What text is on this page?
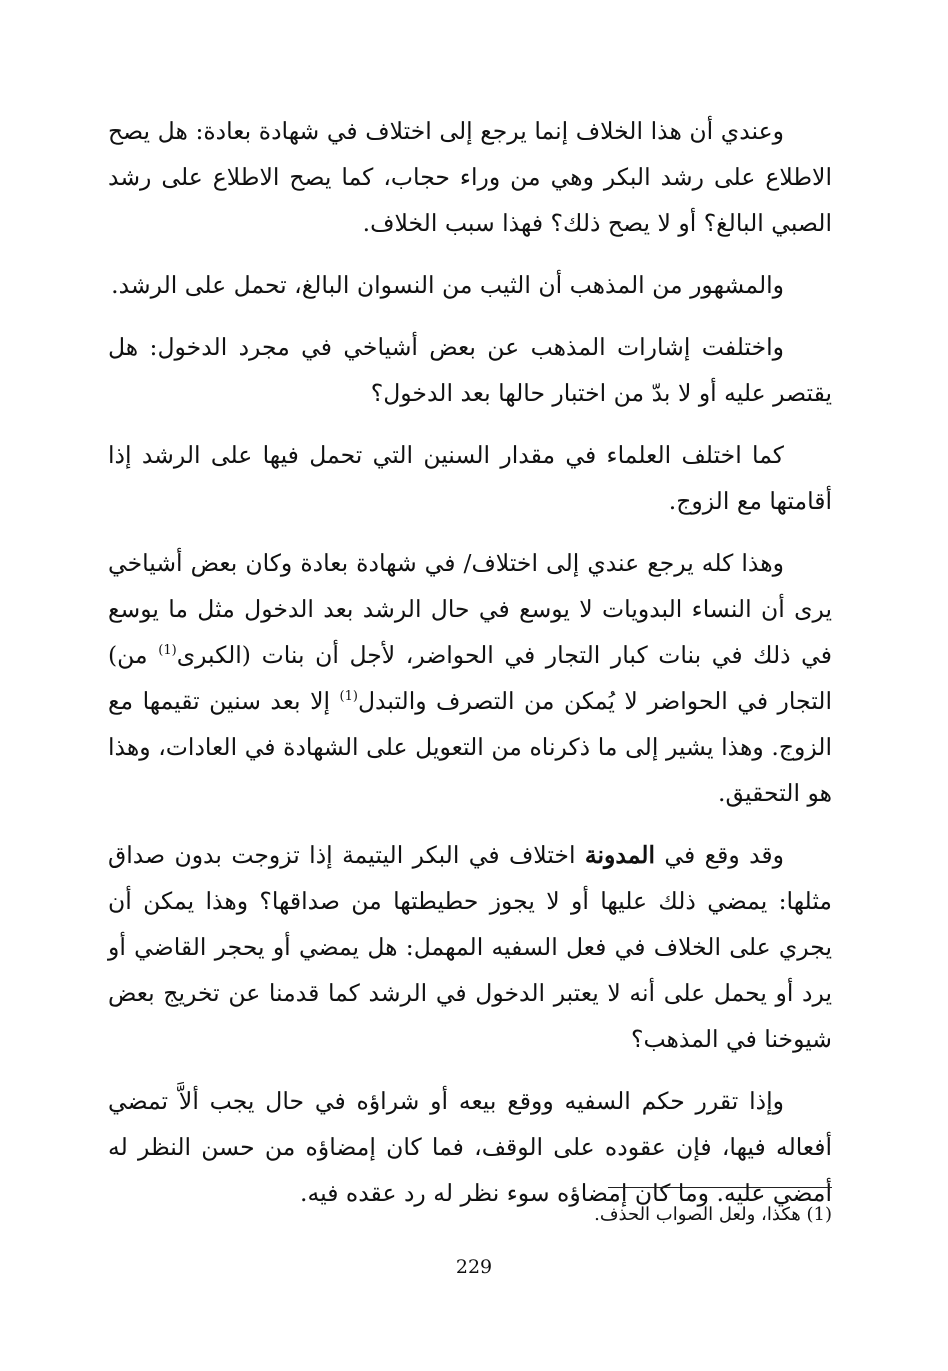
وعندي أن هذا الخلاف إنما يرجع إلى اختلاف في شهادة بعادة: هل يصح الاطلاع على رشد البكر وهي من وراء حجاب، كما يصح الاطلاع على رشد الصبي البالغ؟ أو لا يصح ذلك؟ فهذا سبب الخلاف.

والمشهور من المذهب أن الثيب من النسوان البالغ، تحمل على الرشد.

واختلفت إشارات المذهب عن بعض أشياخي في مجرد الدخول: هل يقتصر عليه أو لا بدّ من اختبار حالها بعد الدخول؟

كما اختلف العلماء في مقدار السنين التي تحمل فيها على الرشد إذا أقامتها مع الزوج.

وهذا كله يرجع عندي إلى اختلاف/ في شهادة بعادة وكان بعض أشياخي يرى أن النساء البدويات لا يوسع في حال الرشد بعد الدخول مثل ما يوسع في ذلك في بنات كبار التجار في الحواضر، لأجل أن بنات (الكبرى$^{(1)}$ من) التجار في الحواضر لا يُمكن من التصرف والتبدل$^{(1)}$ إلا بعد سنين تقيمها مع الزوج. وهذا يشير إلى ما ذكرناه من التعويل على الشهادة في العادات، وهذا هو التحقيق.

وقد وقع في المدونة اختلاف في البكر اليتيمة إذا تزوجت بدون صداق مثلها: يمضي ذلك عليها أو لا يجوز حطيطتها من صداقها؟ وهذا يمكن أن يجري على الخلاف في فعل السفيه المهمل: هل يمضي أو يحجر القاضي أو يرد أو يحمل على أنه لا يعتبر الدخول في الرشد كما قدمنا عن تخريج بعض شيوخنا في المذهب؟

وإذا تقرر حكم السفيه ووقع بيعه أو شراؤه في حال يجب ألاَّ تمضي أفعاله فيها، فإن عقوده على الوقف، فما كان إمضاؤه من حسن النظر له أمضي عليه. وما كان إمضاؤه سوء نظر له رد عقده فيه.

(1) هكذا، ولعل الصواب الحذف.
229
